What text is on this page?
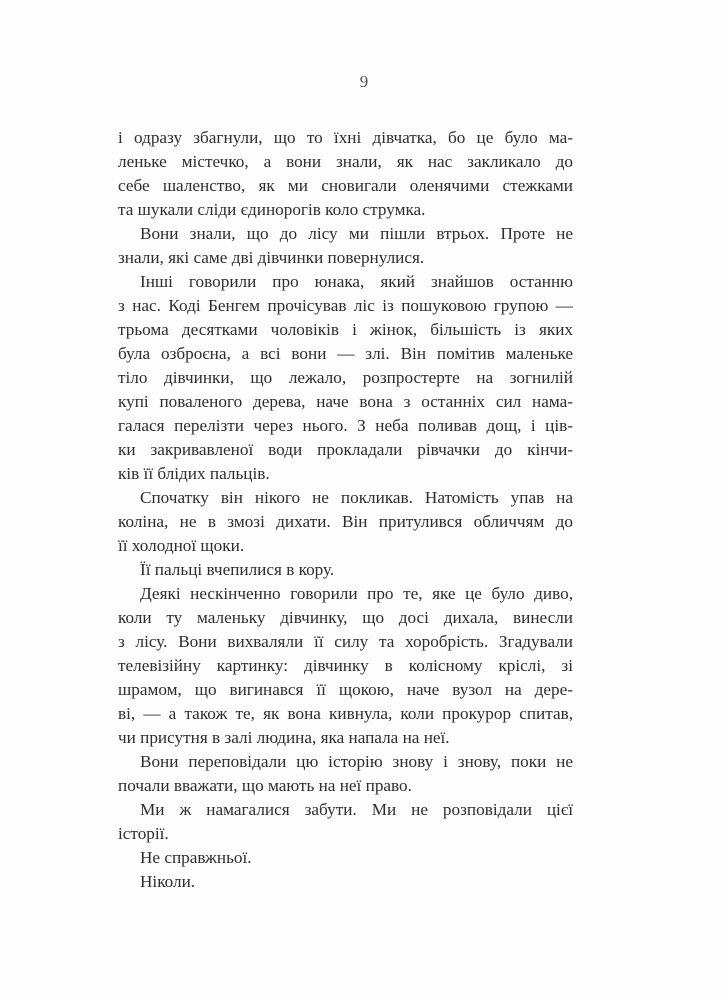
9
і одразу збагнули, що то їхні дівчатка, бо це було ма-
леньке містечко, а вони знали, як нас закликало до
себе шаленство, як ми сновигали оленячими стежками
та шукали сліди єдинорогів коло струмка.
Вони знали, що до лісу ми пішли втрьох. Проте не
знали, які саме дві дівчинки повернулися.
Інші говорили про юнака, який знайшов останню
з нас. Коді Бенгем прочісував ліс із пошуковою групою —
трьома десятками чоловіків і жінок, більшість із яких
була озброєна, а всі вони — злі. Він помітив маленьке
тіло дівчинки, що лежало, розпростерте на зогнилій
купі поваленого дерева, наче вона з останніх сил нама-
галася перелізти через нього. З неба поливав дощ, і ців-
ки закривавленої води прокладали рівчачки до кінчи-
ків її блідих пальців.
Спочатку він нікого не покликав. Натомість упав на
коліна, не в змозі дихати. Він притулився обличчям до
її холодної щоки.
Її пальці вчепилися в кору.
Деякі нескінченно говорили про те, яке це було диво,
коли ту маленьку дівчинку, що досі дихала, винесли
з лісу. Вони вихваляли її силу та хоробрість. Згадували
телевізійну картинку: дівчинку в колісному кріслі, зі
шрамом, що вигинався її щокою, наче вузол на дере-
ві, — а також те, як вона кивнула, коли прокурор спитав,
чи присутня в залі людина, яка напала на неї.
Вони переповідали цю історію знову і знову, поки не
почали вважати, що мають на неї право.
Ми ж намагалися забути. Ми не розповідали цієї
історії.
Не справжньої.
Ніколи.
